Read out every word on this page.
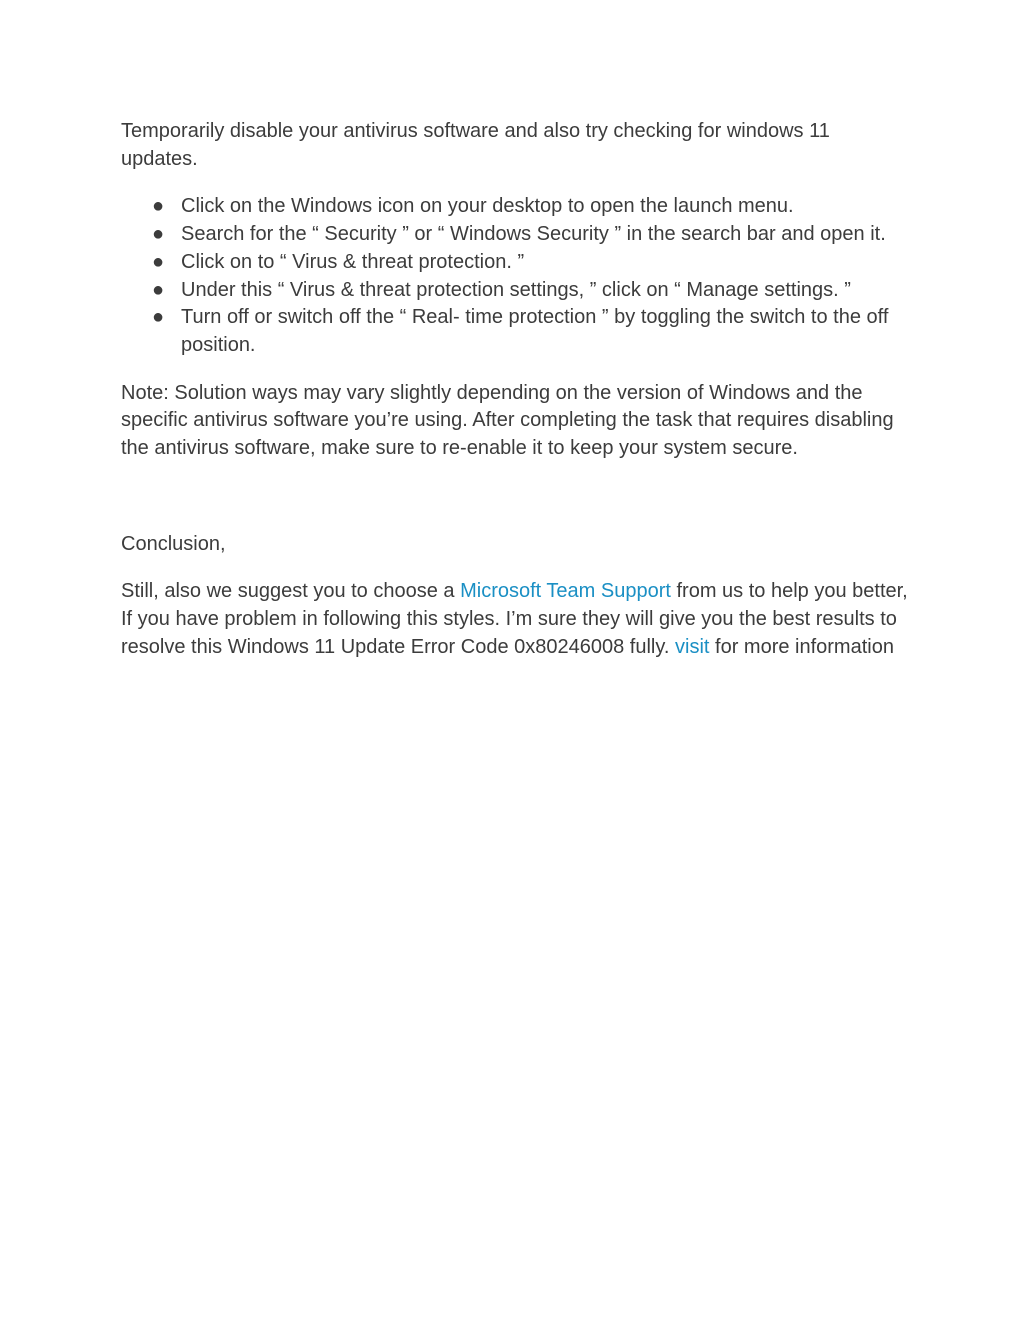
Temporarily disable your antivirus software and also try checking for windows 11 updates.

● Click on the Windows icon on your desktop to open the launch menu.
● Search for the “ Security ” or “ Windows Security ” in the search bar and open it.
● Click on to “ Virus & threat protection. ”
● Under this “ Virus & threat protection settings, ” click on “ Manage settings. ”
● Turn off or switch off the “ Real- time protection ” by toggling the switch to the off position.

Note: Solution ways may vary slightly depending on the version of Windows and the specific antivirus software you’re using. After completing the task that requires disabling the antivirus software, make sure to re-enable it to keep your system secure.

Conclusion,

Still, also we suggest you to choose a Microsoft Team Support from us to help you better, If you have problem in following this styles. I’m sure they will give you the best results to resolve this Windows 11 Update Error Code 0x80246008 fully. visit for more information
